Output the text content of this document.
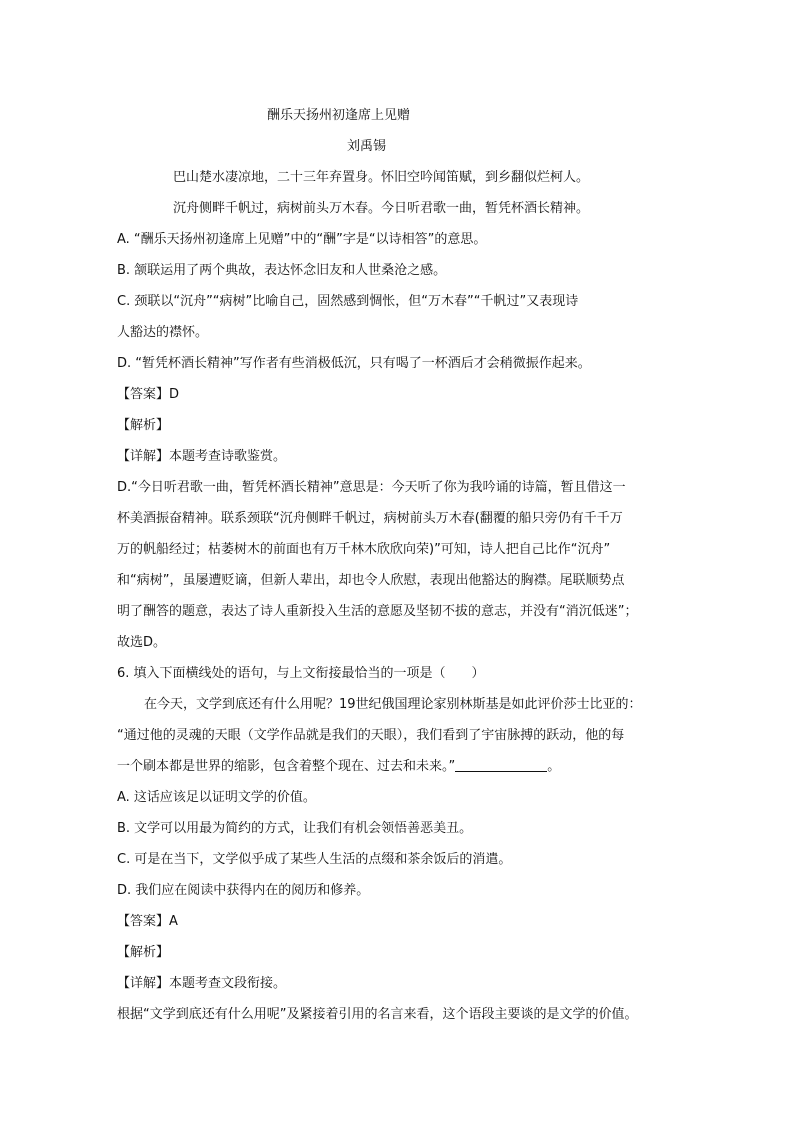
酬乐天扬州初逢席上见赠
刘禹锡
巴山楚水凄凉地，二十三年弃置身。怀旧空吟闻笛赋，到乡翻似烂柯人。
沉舟侧畔千帆过，病树前头万木春。今日听君歌一曲，暂凭杯酒长精神。
A. “酬乐天扬州初逢席上见赠”中的“酬”字是“以诗相答”的意思。
B. 颔联运用了两个典故，表达怀念旧友和人世桑沧之感。
C. 颈联以“沉舟”“病树”比喻自己，固然感到惆怅，但“万木春”“千帆过”又表现诗
人豁达的襟怀。
D. “暂凭杯酒长精神”写作者有些消极低沉，只有喝了一杯酒后才会稍微振作起来。
【答案】D
【解析】
【详解】本题考查诗歌鉴赏。
D.“今日听君歌一曲，暂凭杯酒长精神”意思是：今天听了你为我吟诵的诗篇，暂且借这一
杯美酒振奋精神。联系颈联“沉舟侧畔千帆过，病树前头万木春(翻覆的船只旁仍有千千万
万的帆船经过；枯萎树木的前面也有万千林木欣欣向荣)”可知，诗人把自己比作“沉舟”
和“病树”，虽屡遭贬谪，但新人辈出，却也令人欣慰，表现出他豁达的胸襟。尾联顺势点
明了酬答的题意，表达了诗人重新投入生活的意愿及坚韧不拔的意志，并没有“消沉低迷”；
故选D。
6. 填入下面横线处的语句，与上文衔接最恰当的一项是（　　）
在今天，文学到底还有什么用呢？19世纪俄国理论家别林斯基是如此评价莎士比亚的：
“通过他的灵魂的天眼（文学作品就是我们的天眼），我们看到了宇宙脉搏的跃动，他的每
一个刷本都是世界的缩影，包含着整个现在、过去和未来。”	。
A. 这话应该足以证明文学的价值。
B. 文学可以用最为简约的方式，让我们有机会领悟善恶美丑。
C. 可是在当下，文学似乎成了某些人生活的点缀和茶余饭后的消遣。
D. 我们应在阅读中获得内在的阅历和修养。
【答案】A
【解析】
【详解】本题考查文段衔接。
根据“文学到底还有什么用呢”及紧接着引用的名言来看，这个语段主要谈的是文学的价值。
